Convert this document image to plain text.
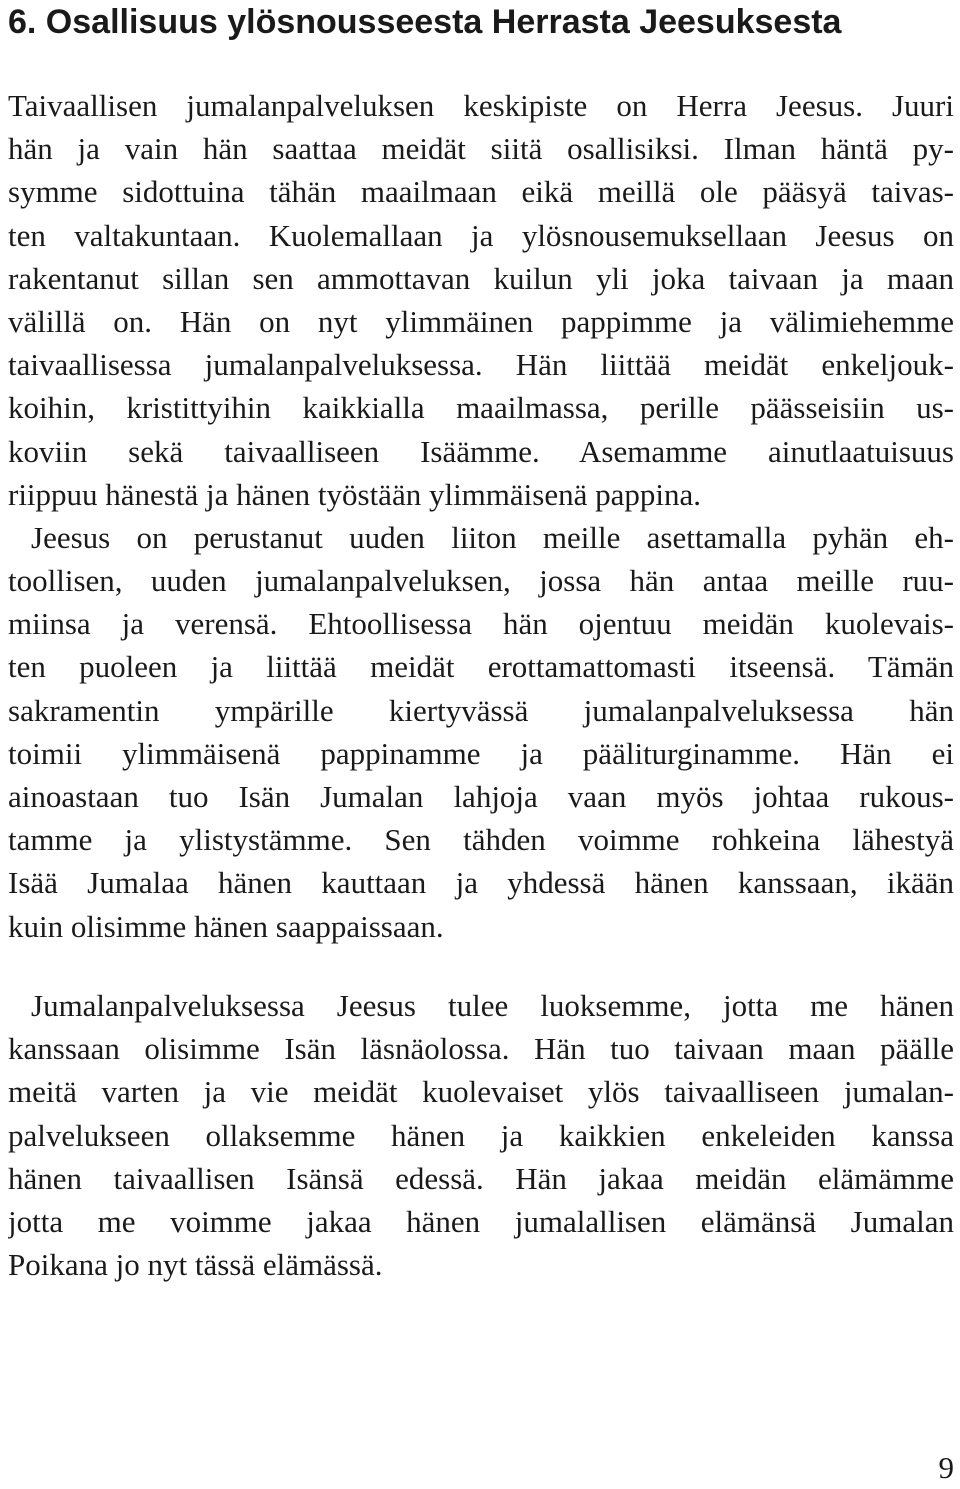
6. Osallisuus ylösnousseesta Herrasta Jeesuksesta
Taivaallisen jumalanpalveluksen keskipiste on Herra Jeesus. Juuri
hän ja vain hän saattaa meidät siitä osallisiksi. Ilman häntä py-
symme sidottuina tähän maailmaan eikä meillä ole pääsyä taivas-
ten valtakuntaan. Kuolemallaan ja ylösnousemuksellaan Jeesus on
rakentanut sillan sen ammottavan kuilun yli joka taivaan ja maan
välillä on. Hän on nyt ylimmäinen pappimme ja välimiehemme
taivaallisessa jumalanpalveluksessa. Hän liittää meidät enkeljouk-
koihin, kristittyihin kaikkialla maailmassa, perille päässeisiin us-
koviin sekä taivaalliseen Isäämme. Asemamme ainutlaatuisuus
riippuu hänestä ja hänen työstään ylimmäisenä pappina.
Jeesus on perustanut uuden liiton meille asettamalla pyhän eh-
toollisen, uuden jumalanpalveluksen, jossa hän antaa meille ruu-
miinsa ja verensä. Ehtoollisessa hän ojentuu meidän kuolevais-
ten puoleen ja liittää meidät erottamattomasti itseensä. Tämän
sakramentin ympärille kiertyvässä jumalanpalveluksessa hän
toimii ylimmäisenä pappinamme ja pääliturginamme. Hän ei
ainoastaan tuo Isän Jumalan lahjoja vaan myös johtaa rukous-
tamme ja ylistystämme. Sen tähden voimme rohkeina lähestyä
Isää Jumalaa hänen kauttaan ja yhdessä hänen kanssaan, ikään
kuin olisimme hänen saappaissaan.
Jumalanpalveluksessa Jeesus tulee luoksemme, jotta me hänen
kanssaan olisimme Isän läsnäolossa. Hän tuo taivaan maan päälle
meitä varten ja vie meidät kuolevaiset ylös taivaalliseen jumalan-
palvelukseen ollaksemme hänen ja kaikkien enkeleiden kanssa
hänen taivaallisen Isänsä edessä. Hän jakaa meidän elämämme
jotta me voimme jakaa hänen jumalallisen elämänsä Jumalan
Poikana jo nyt tässä elämässä.
9
